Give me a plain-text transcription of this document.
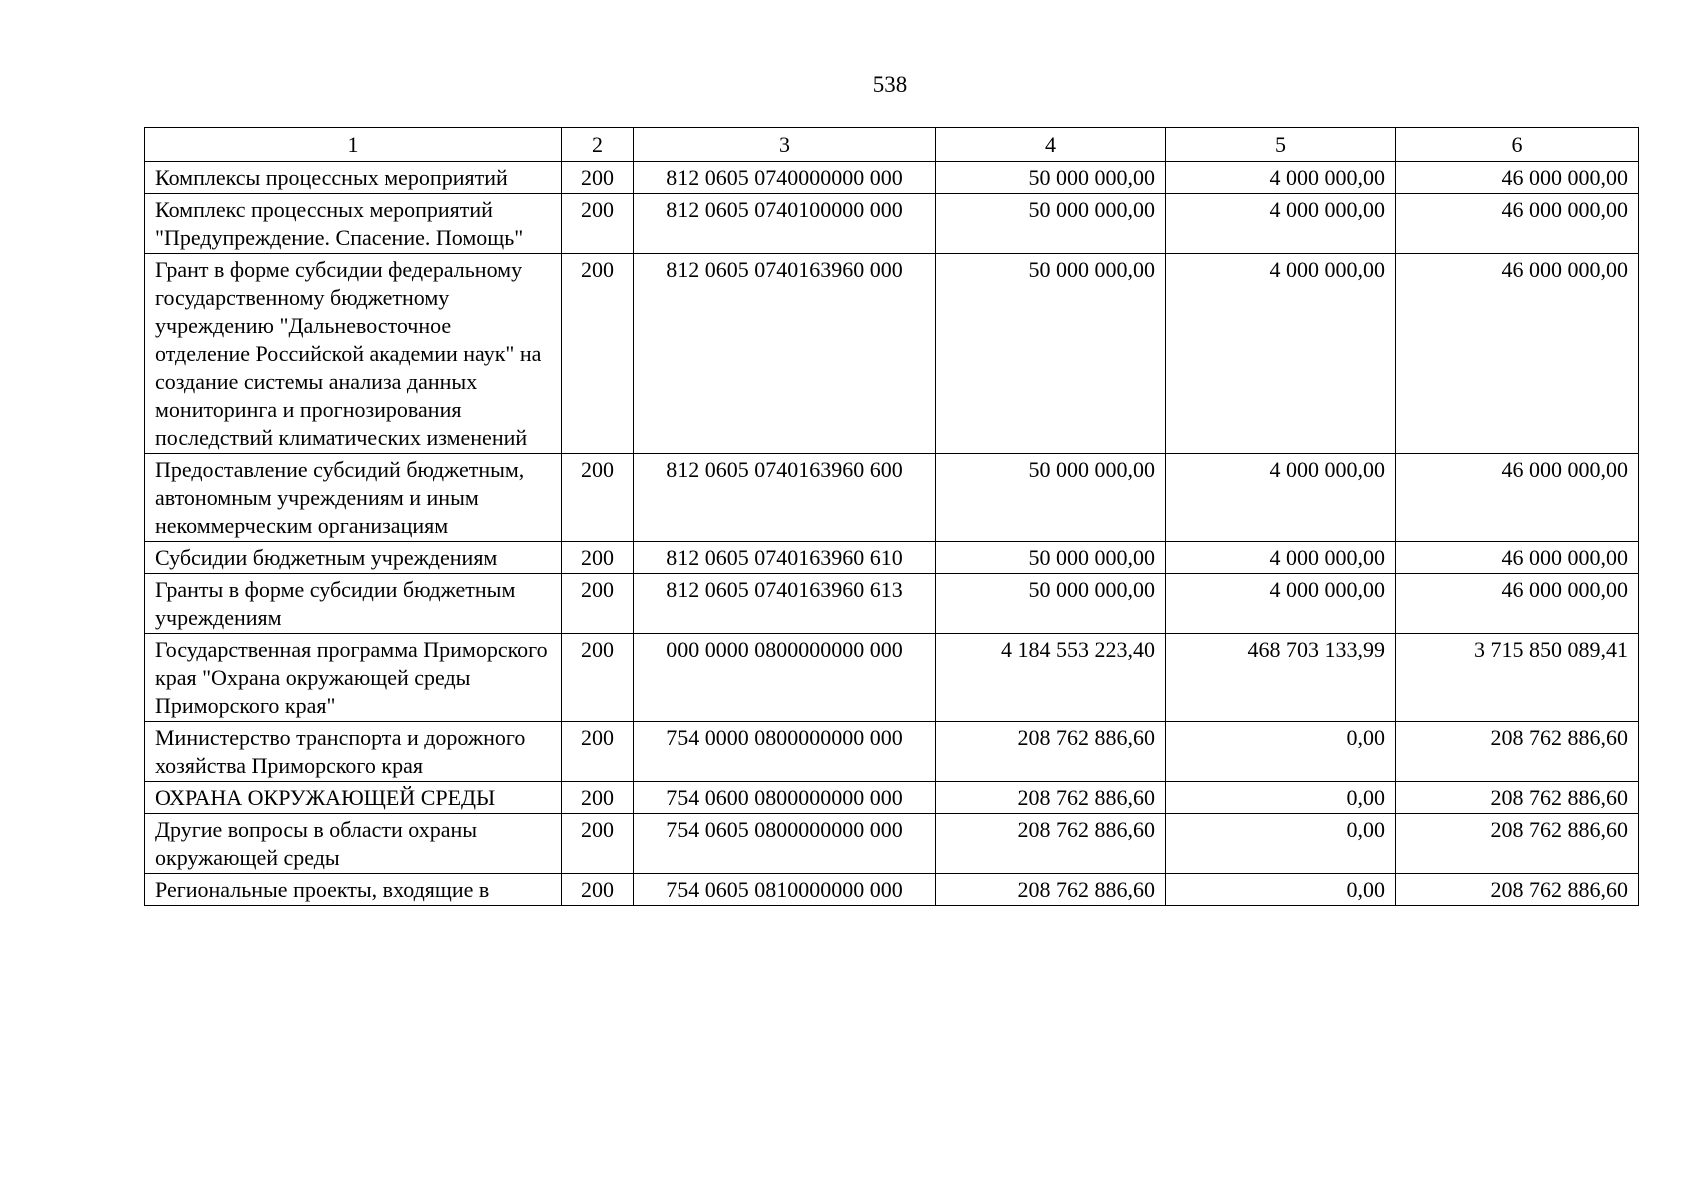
538
1	2	3	4	5	6
Комплексы процессных мероприятий	200	812 0605 0740000000 000	50 000 000,00	4 000 000,00	46 000 000,00
Комплекс процессных мероприятий "Предупреждение. Спасение. Помощь"	200	812 0605 0740100000 000	50 000 000,00	4 000 000,00	46 000 000,00
Грант в форме субсидии федеральному государственному бюджетному учреждению "Дальневосточное отделение Российской академии наук" на создание системы анализа данных мониторинга и прогнозирования последствий климатических изменений	200	812 0605 0740163960 000	50 000 000,00	4 000 000,00	46 000 000,00
Предоставление субсидий бюджетным, автономным учреждениям и иным некоммерческим организациям	200	812 0605 0740163960 600	50 000 000,00	4 000 000,00	46 000 000,00
Субсидии бюджетным учреждениям	200	812 0605 0740163960 610	50 000 000,00	4 000 000,00	46 000 000,00
Гранты в форме субсидии бюджетным учреждениям	200	812 0605 0740163960 613	50 000 000,00	4 000 000,00	46 000 000,00
Государственная программа Приморского края "Охрана окружающей среды Приморского края"	200	000 0000 0800000000 000	4 184 553 223,40	468 703 133,99	3 715 850 089,41
Министерство транспорта и дорожного хозяйства Приморского края	200	754 0000 0800000000 000	208 762 886,60	0,00	208 762 886,60
ОХРАНА ОКРУЖАЮЩЕЙ СРЕДЫ	200	754 0600 0800000000 000	208 762 886,60	0,00	208 762 886,60
Другие вопросы в области охраны окружающей среды	200	754 0605 0800000000 000	208 762 886,60	0,00	208 762 886,60
Региональные проекты, входящие в	200	754 0605 0810000000 000	208 762 886,60	0,00	208 762 886,60
